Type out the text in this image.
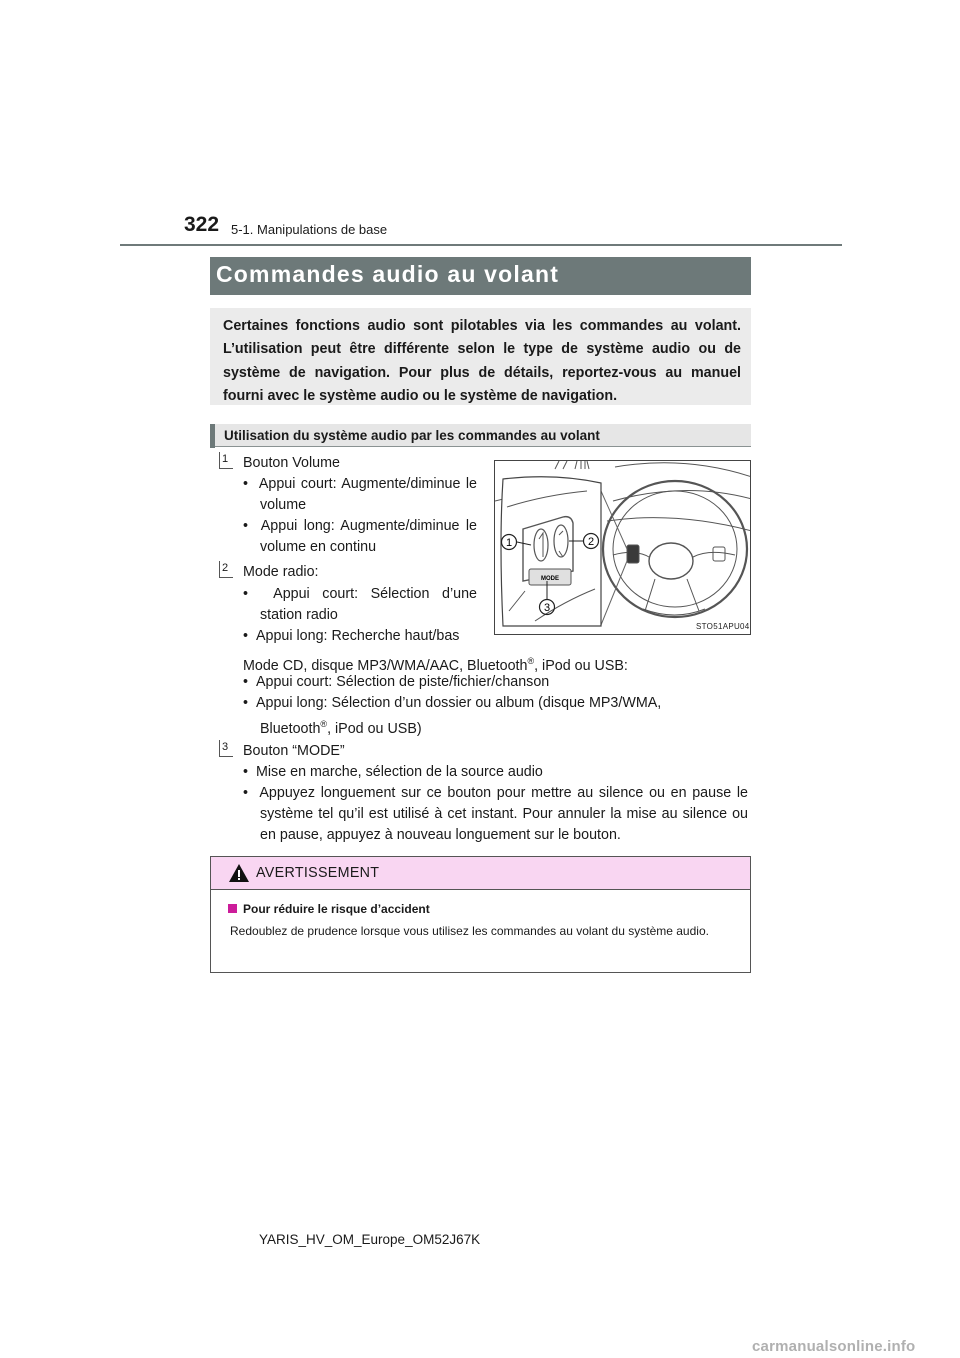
322 5-1. Manipulations de base
Commandes audio au volant

Certaines fonctions audio sont pilotables via les commandes au volant. L’utilisation peut être différente selon le type de système audio ou de système de navigation. Pour plus de détails, reportez-vous au manuel fourni avec le système audio ou le système de navigation.

Utilisation du système audio par les commandes au volant
1	Bouton Volume
• Appui court: Augmente/diminue le volume
• Appui long: Augmente/diminue le volume en continu
2	Mode radio:
• Appui court: Sélection d’une station radio
• Appui long: Recherche haut/bas
Mode CD, disque MP3/WMA/AAC, Bluetooth®, iPod ou USB:
• Appui court: Sélection de piste/fichier/chanson
• Appui long: Sélection d’un dossier ou album (disque MP3/WMA,
Bluetooth®, iPod ou USB)
3	Bouton “MODE”
• Mise en marche, sélection de la source audio
• Appuyez longuement sur ce bouton pour mettre au silence ou en pause le système tel qu’il est utilisé à cet instant. Pour annuler la mise au silence ou en pause, appuyez à nouveau longuement sur le bouton.
1	2
3
MODE
STO51APU04
AVERTISSEMENT
Pour réduire le risque d’accident
Redoublez de prudence lorsque vous utilisez les commandes au volant du système audio.
YARIS_HV_OM_Europe_OM52J67K
carmanualsonline.info
